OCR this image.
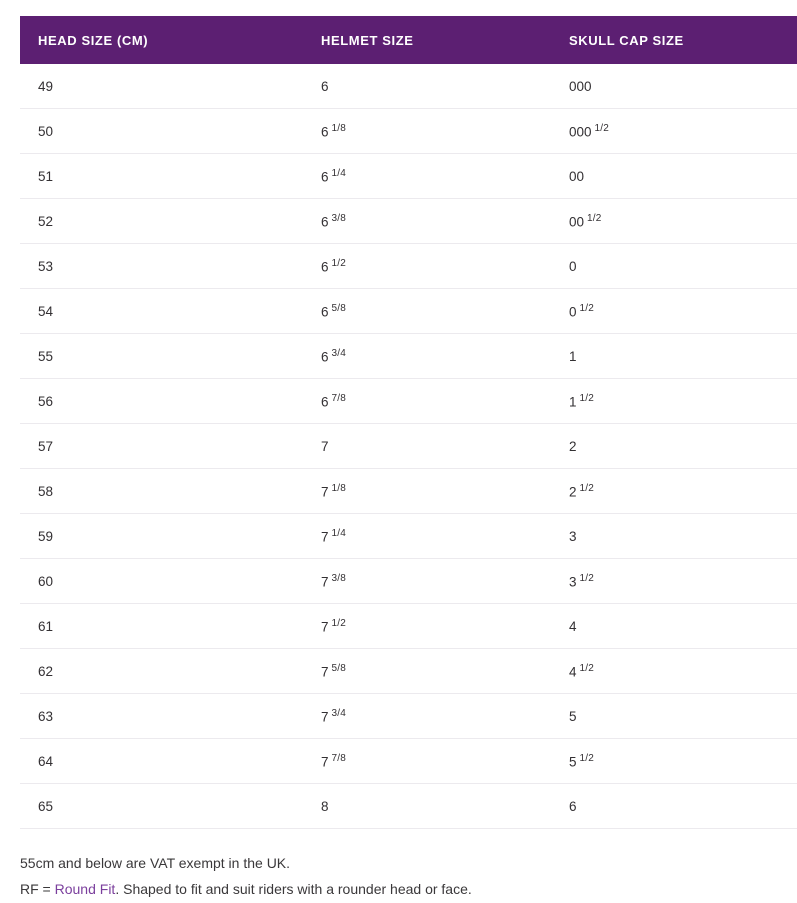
HEAD SIZE (CM)	HELMET SIZE	SKULL CAP SIZE
49	6	000
50	6 $^{1/8}$	000 $^{1/2}$
51	6 $^{1/4}$	00
52	6 $^{3/8}$	00 $^{1/2}$
53	6 $^{1/2}$	0
54	6 $^{5/8}$	0 $^{1/2}$
55	6 $^{3/4}$	1
56	6 $^{7/8}$	1 $^{1/2}$
57	7	2
58	7 $^{1/8}$	2 $^{1/2}$
59	7 $^{1/4}$	3
60	7 $^{3/8}$	3 $^{1/2}$
61	7 $^{1/2}$	4
62	7 $^{5/8}$	4 $^{1/2}$
63	7 $^{3/4}$	5
64	7 $^{7/8}$	5 $^{1/2}$
65	8	6
55cm and below are VAT exempt in the UK.
RF = Round Fit. Shaped to fit and suit riders with a rounder head or face.
